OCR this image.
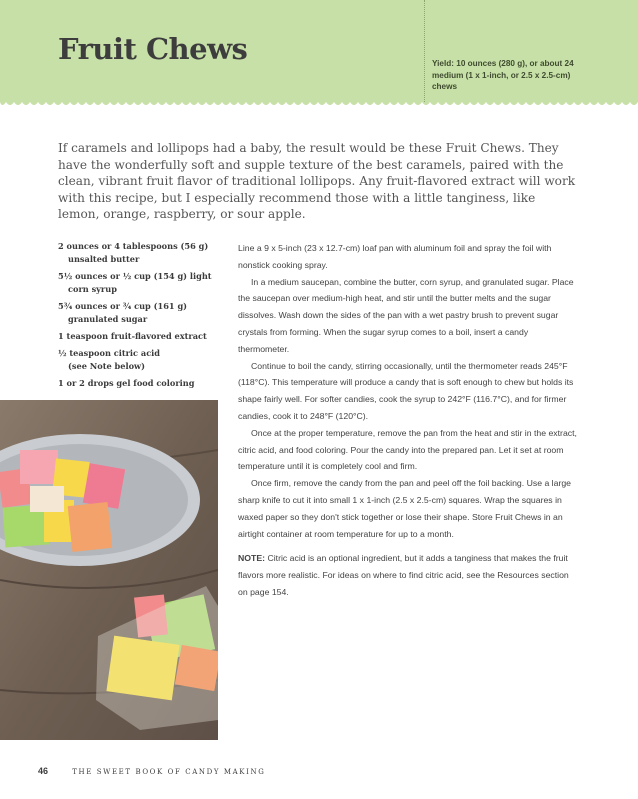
Fruit Chews	Yield: 10 ounces (280 g), or about 24 medium (1 x 1-inch, or 2.5 x 2.5-cm) chews

If caramels and lollipops had a baby, the result would be these Fruit Chews. They have the wonderfully soft and supple texture of the best caramels, paired with the clean, vibrant fruit flavor of traditional lollipops. Any fruit-flavored extract will work with this recipe, but I especially recommend those with a little tanginess, like lemon, orange, raspberry, or sour apple.

2 ounces or 4 tablespoons (56 g)
unsalted butter
5½ ounces or ½ cup (154 g) light
corn syrup
5¾ ounces or ¾ cup (161 g)
granulated sugar
1 teaspoon fruit-flavored extract
½ teaspoon citric acid
(see Note below)
1 or 2 drops gel food coloring

Line a 9 x 5-inch (23 x 12.7-cm) loaf pan with aluminum foil and spray the foil with nonstick cooking spray.

In a medium saucepan, combine the butter, corn syrup, and granulated sugar. Place the saucepan over medium-high heat, and stir until the butter melts and the sugar dissolves. Wash down the sides of the pan with a wet pastry brush to prevent sugar crystals from forming. When the sugar syrup comes to a boil, insert a candy thermometer.

Continue to boil the candy, stirring occasionally, until the thermometer reads 245°F (118°C). This temperature will produce a candy that is soft enough to chew but holds its shape fairly well. For softer candies, cook the syrup to 242°F (116.7°C), and for firmer candies, cook it to 248°F (120°C).

Once at the proper temperature, remove the pan from the heat and stir in the extract, citric acid, and food coloring. Pour the candy into the prepared pan. Let it set at room temperature until it is completely cool and firm.

Once firm, remove the candy from the pan and peel off the foil backing. Use a large sharp knife to cut it into small 1 x 1-inch (2.5 x 2.5-cm) squares. Wrap the squares in waxed paper so they don't stick together or lose their shape. Store Fruit Chews in an airtight container at room temperature for up to a month.

NOTE: Citric acid is an optional ingredient, but it adds a tanginess that makes the fruit flavors more realistic. For ideas on where to find citric acid, see the Resources section on page 154.

46	THE SWEET BOOK OF CANDY MAKING
